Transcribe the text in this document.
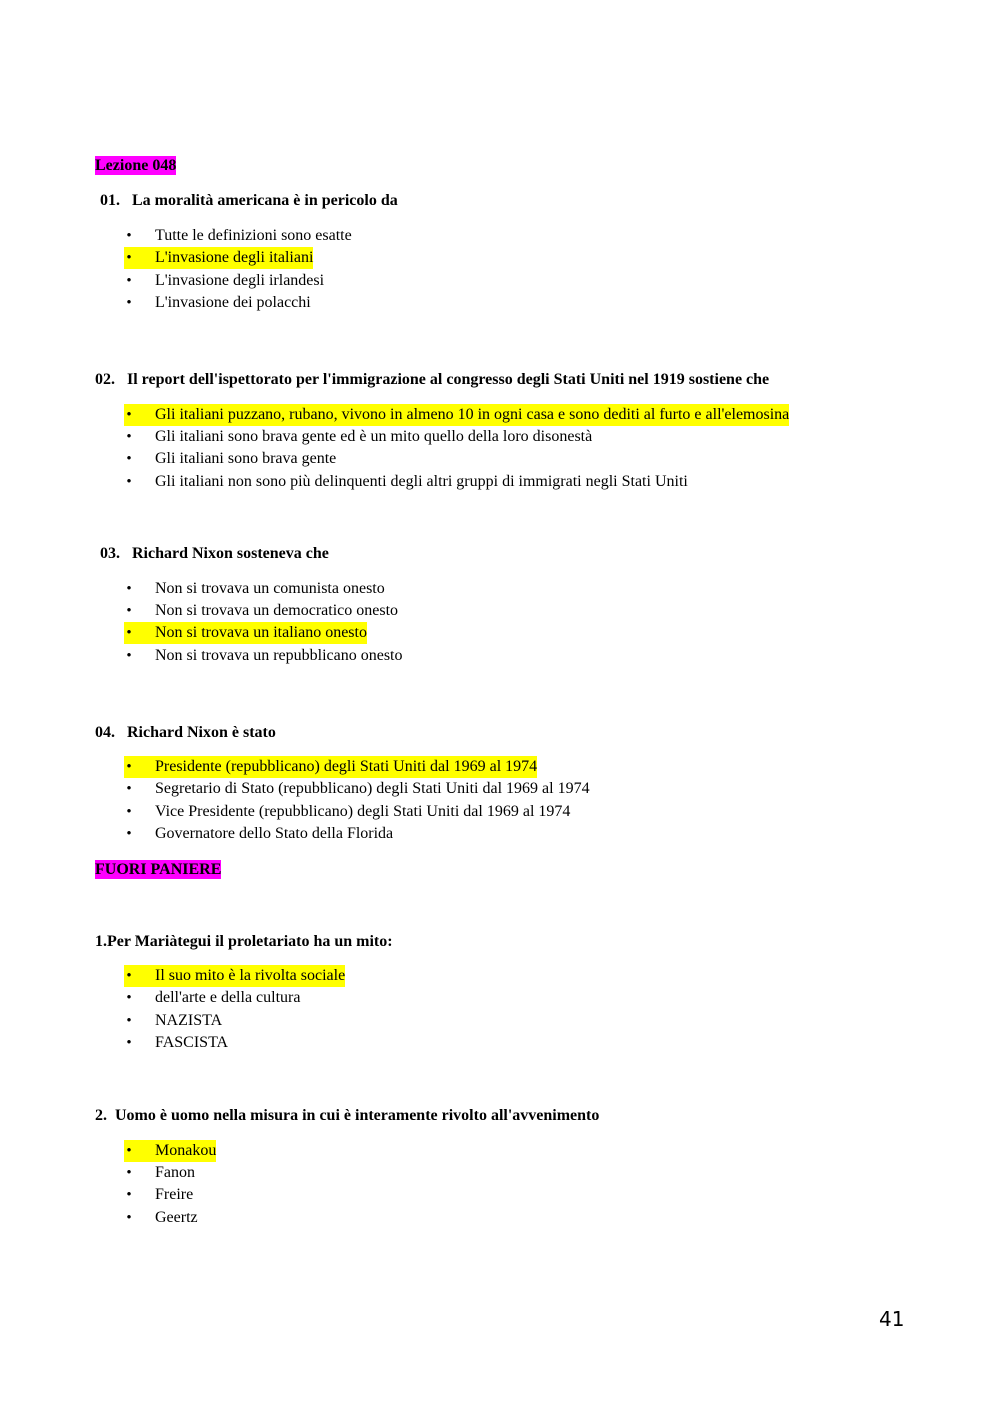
Lezione 048
01. La moralità americana è in pericolo da
• Tutte le definizioni sono esatte
• L'invasione degli italiani
• L'invasione degli irlandesi
• L'invasione dei polacchi
02. Il report dell'ispettorato per l'immigrazione al congresso degli Stati Uniti nel 1919 sostiene che
• Gli italiani puzzano, rubano, vivono in almeno 10 in ogni casa e sono dediti al furto e all'elemosina
• Gli italiani sono brava gente ed è un mito quello della loro disonestà
• Gli italiani sono brava gente
• Gli italiani non sono più delinquenti degli altri gruppi di immigrati negli Stati Uniti
03. Richard Nixon sosteneva che
• Non si trovava un comunista onesto
• Non si trovava un democratico onesto
• Non si trovava un italiano onesto
• Non si trovava un repubblicano onesto
04. Richard Nixon è stato
• Presidente (repubblicano) degli Stati Uniti dal 1969 al 1974
• Segretario di Stato (repubblicano) degli Stati Uniti dal 1969 al 1974
• Vice Presidente (repubblicano) degli Stati Uniti dal 1969 al 1974
• Governatore dello Stato della Florida
FUORI PANIERE
1.Per Mariàtegui il proletariato ha un mito:
• Il suo mito è la rivolta sociale
• dell'arte e della cultura
• NAZISTA
• FASCISTA
2. Uomo è uomo nella misura in cui è interamente rivolto all'avvenimento
• Monakou
• Fanon
• Freire
• Geertz
41
